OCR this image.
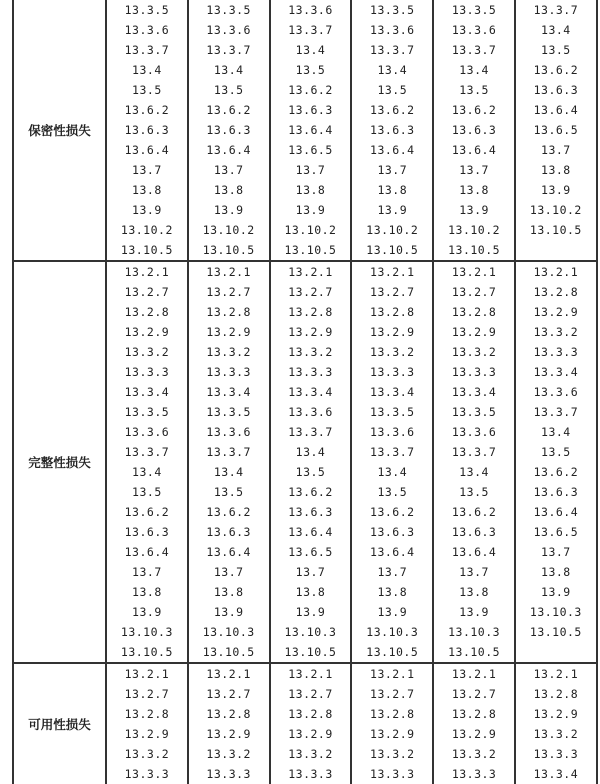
保密性损失	13.3.5	13.3.5	13.3.6	13.3.5	13.3.5	13.3.7
	13.3.6	13.3.6	13.3.7	13.3.6	13.3.6	13.4
	13.3.7	13.3.7	13.4	13.3.7	13.3.7	13.5
	13.4	13.4	13.5	13.4	13.4	13.6.2
	13.5	13.5	13.6.2	13.5	13.5	13.6.3
	13.6.2	13.6.2	13.6.3	13.6.2	13.6.2	13.6.4
	13.6.3	13.6.3	13.6.4	13.6.3	13.6.3	13.6.5
	13.6.4	13.6.4	13.6.5	13.6.4	13.6.4	13.7
	13.7	13.7	13.7	13.7	13.7	13.8
	13.8	13.8	13.8	13.8	13.8	13.9
	13.9	13.9	13.9	13.9	13.9	13.10.2
	13.10.2	13.10.2	13.10.2	13.10.2	13.10.2	13.10.5
	13.10.5	13.10.5	13.10.5	13.10.5	13.10.5	
完整性损失	13.2.1	13.2.1	13.2.1	13.2.1	13.2.1	13.2.1
	13.2.7	13.2.7	13.2.7	13.2.7	13.2.7	13.2.8
	13.2.8	13.2.8	13.2.8	13.2.8	13.2.8	13.2.9
	13.2.9	13.2.9	13.2.9	13.2.9	13.2.9	13.3.2
	13.3.2	13.3.2	13.3.2	13.3.2	13.3.2	13.3.3
	13.3.3	13.3.3	13.3.3	13.3.3	13.3.3	13.3.4
	13.3.4	13.3.4	13.3.4	13.3.4	13.3.4	13.3.6
	13.3.5	13.3.5	13.3.6	13.3.5	13.3.5	13.3.7
	13.3.6	13.3.6	13.3.7	13.3.6	13.3.6	13.4
	13.3.7	13.3.7	13.4	13.3.7	13.3.7	13.5
	13.4	13.4	13.5	13.4	13.4	13.6.2
	13.5	13.5	13.6.2	13.5	13.5	13.6.3
	13.6.2	13.6.2	13.6.3	13.6.2	13.6.2	13.6.4
	13.6.3	13.6.3	13.6.4	13.6.3	13.6.3	13.6.5
	13.6.4	13.6.4	13.6.5	13.6.4	13.6.4	13.7
	13.7	13.7	13.7	13.7	13.7	13.8
	13.8	13.8	13.8	13.8	13.8	13.9
	13.9	13.9	13.9	13.9	13.9	13.10.3
	13.10.3	13.10.3	13.10.3	13.10.3	13.10.3	13.10.5
	13.10.5	13.10.5	13.10.5	13.10.5	13.10.5	
可用性损失	13.2.1	13.2.1	13.2.1	13.2.1	13.2.1	13.2.1
	13.2.7	13.2.7	13.2.7	13.2.7	13.2.7	13.2.8
	13.2.8	13.2.8	13.2.8	13.2.8	13.2.8	13.2.9
	13.2.9	13.2.9	13.2.9	13.2.9	13.2.9	13.3.2
	13.3.2	13.3.2	13.3.2	13.3.2	13.3.2	13.3.3
	13.3.3	13.3.3	13.3.3	13.3.3	13.3.3	13.3.4
